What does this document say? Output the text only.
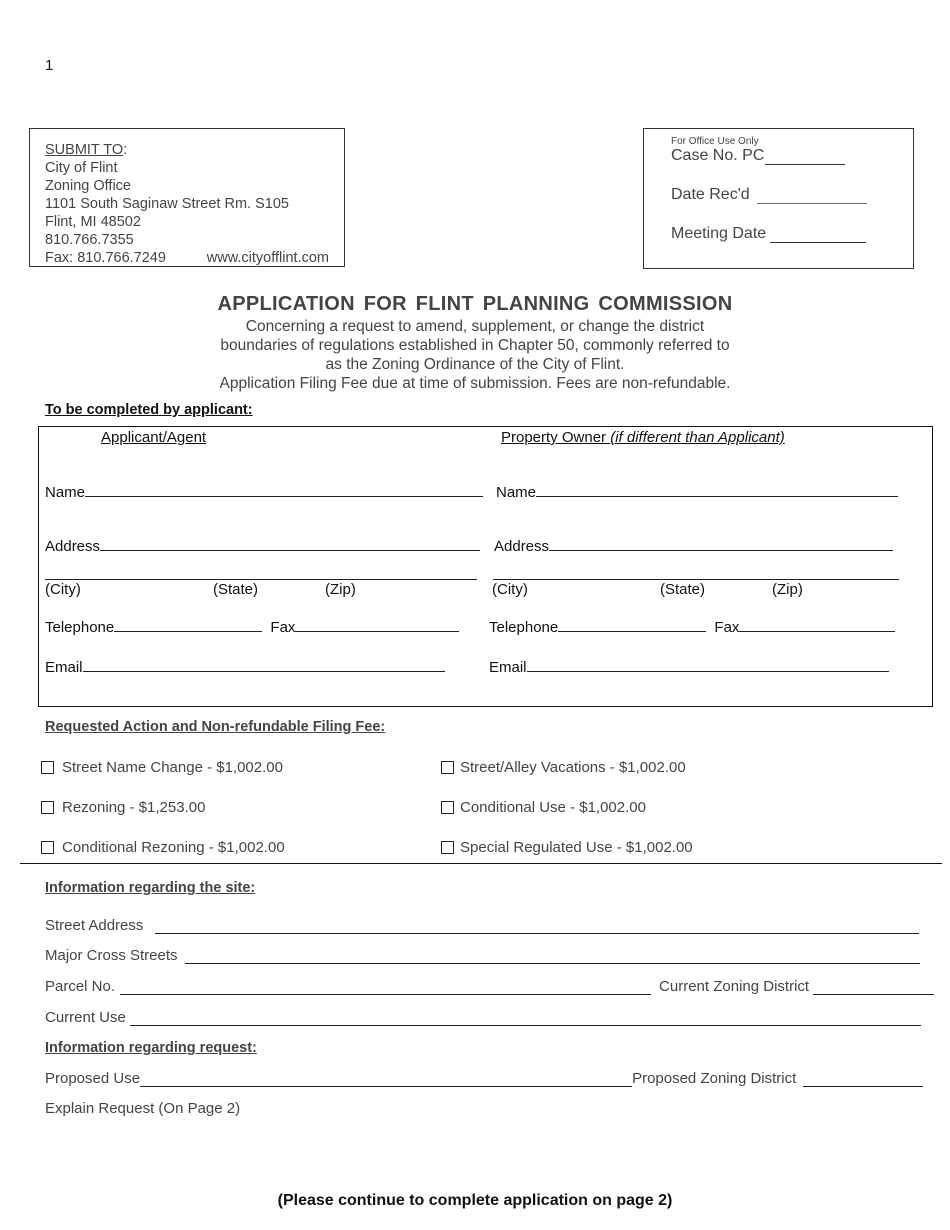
1
SUBMIT TO:
City of Flint
Zoning Office
1101 South Saginaw Street Rm. S105
Flint, MI 48502
810.766.7355
Fax: 810.766.7249	www.cityofflint.com
For Office Use Only
Case No. PC
Date Rec'd
Meeting Date
APPLICATION FOR FLINT PLANNING COMMISSION
Concerning a request to amend, supplement, or change the district
boundaries of regulations established in Chapter 50, commonly referred to
as the Zoning Ordinance of the City of Flint.
Application Filing Fee due at time of submission. Fees are non-refundable.
To be completed by applicant:
Applicant/Agent
Name
Address
(City)	(State)	(Zip)
Telephone	Fax
Email
Property Owner (if different than Applicant)
Name
Address
(City)	(State)	(Zip)
Telephone	Fax
Email
Requested Action and Non-refundable Filing Fee:
Street Name Change - $1,002.00
Rezoning - $1,253.00
Conditional Rezoning - $1,002.00
Street/Alley Vacations - $1,002.00
Conditional Use - $1,002.00
Special Regulated Use - $1,002.00
Information regarding the site:
Street Address
Major Cross Streets
Parcel No.	Current Zoning District
Current Use
Information regarding request:
Proposed Use	Proposed Zoning District
Explain Request (On Page 2)
(Please continue to complete application on page 2)
